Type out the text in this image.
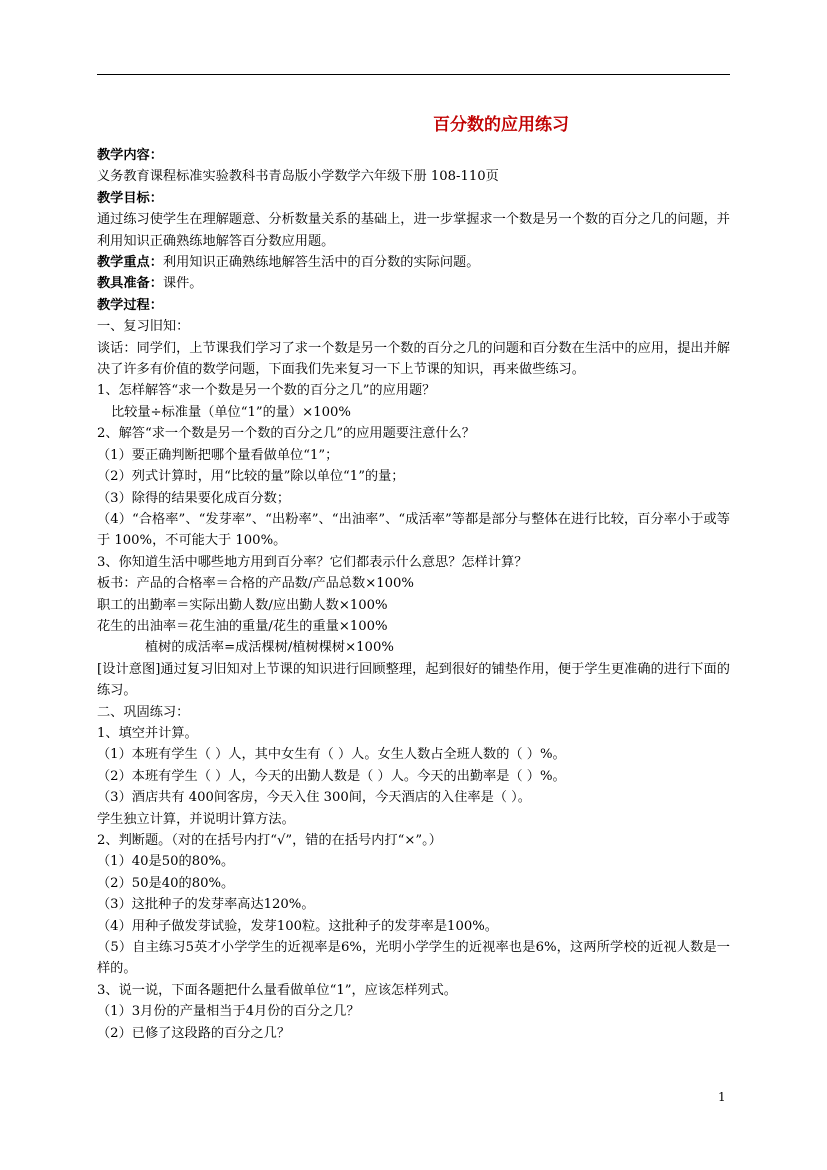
百分数的应用练习
教学内容：
义务教育课程标准实验教科书青岛版小学数学六年级下册 108-110页
教学目标：
通过练习使学生在理解题意、分析数量关系的基础上，进一步掌握求一个数是另一个数的百分之几的问题，并利用知识正确熟练地解答百分数应用题。
教学重点：利用知识正确熟练地解答生活中的百分数的实际问题。
教具准备：课件。
教学过程：
一、复习旧知：
谈话：同学们，上节课我们学习了求一个数是另一个数的百分之几的问题和百分数在生活中的应用，提出并解决了许多有价值的数学问题，下面我们先来复习一下上节课的知识，再来做些练习。
1、怎样解答“求一个数是另一个数的百分之几”的应用题？
比较量÷标准量（单位“1”的量）×100%
2、解答“求一个数是另一个数的百分之几”的应用题要注意什么？
（1）要正确判断把哪个量看做单位“1”；
（2）列式计算时，用“比较的量”除以单位“1”的量；
（3）除得的结果要化成百分数；
（4）“合格率”、“发芽率”、“出粉率”、“出油率”、“成活率”等都是部分与整体在进行比较，百分率小于或等于 100%，不可能大于 100%。
3、你知道生活中哪些地方用到百分率？它们都表示什么意思？怎样计算？
板书：产品的合格率＝合格的产品数/产品总数×100%
职工的出勤率＝实际出勤人数/应出勤人数×100%
花生的出油率＝花生油的重量/花生的重量×100%
植树的成活率=成活棵树/植树棵树×100%
[设计意图]通过复习旧知对上节课的知识进行回顾整理，起到很好的铺垫作用，便于学生更准确的进行下面的练习。
二、巩固练习：
1、填空并计算。
（1）本班有学生（ ）人，其中女生有（ ）人。女生人数占全班人数的（ ）%。
（2）本班有学生（ ）人，今天的出勤人数是（ ）人。今天的出勤率是（ ）%。
（3）酒店共有 400间客房，今天入住 300间，今天酒店的入住率是（ ）。
学生独立计算，并说明计算方法。
2、判断题。（对的在括号内打“√”，错的在括号内打“×”。）
（1）40是50的80%。
（2）50是40的80%。
（3）这批种子的发芽率高达120%。
（4）用种子做发芽试验，发芽100粒。这批种子的发芽率是100%。
（5）自主练习5英才小学学生的近视率是6%，光明小学学生的近视率也是6%，这两所学校的近视人数是一样的。
3、说一说，下面各题把什么量看做单位“1”，应该怎样列式。
（1）3月份的产量相当于4月份的百分之几？
（2）已修了这段路的百分之几？
1
